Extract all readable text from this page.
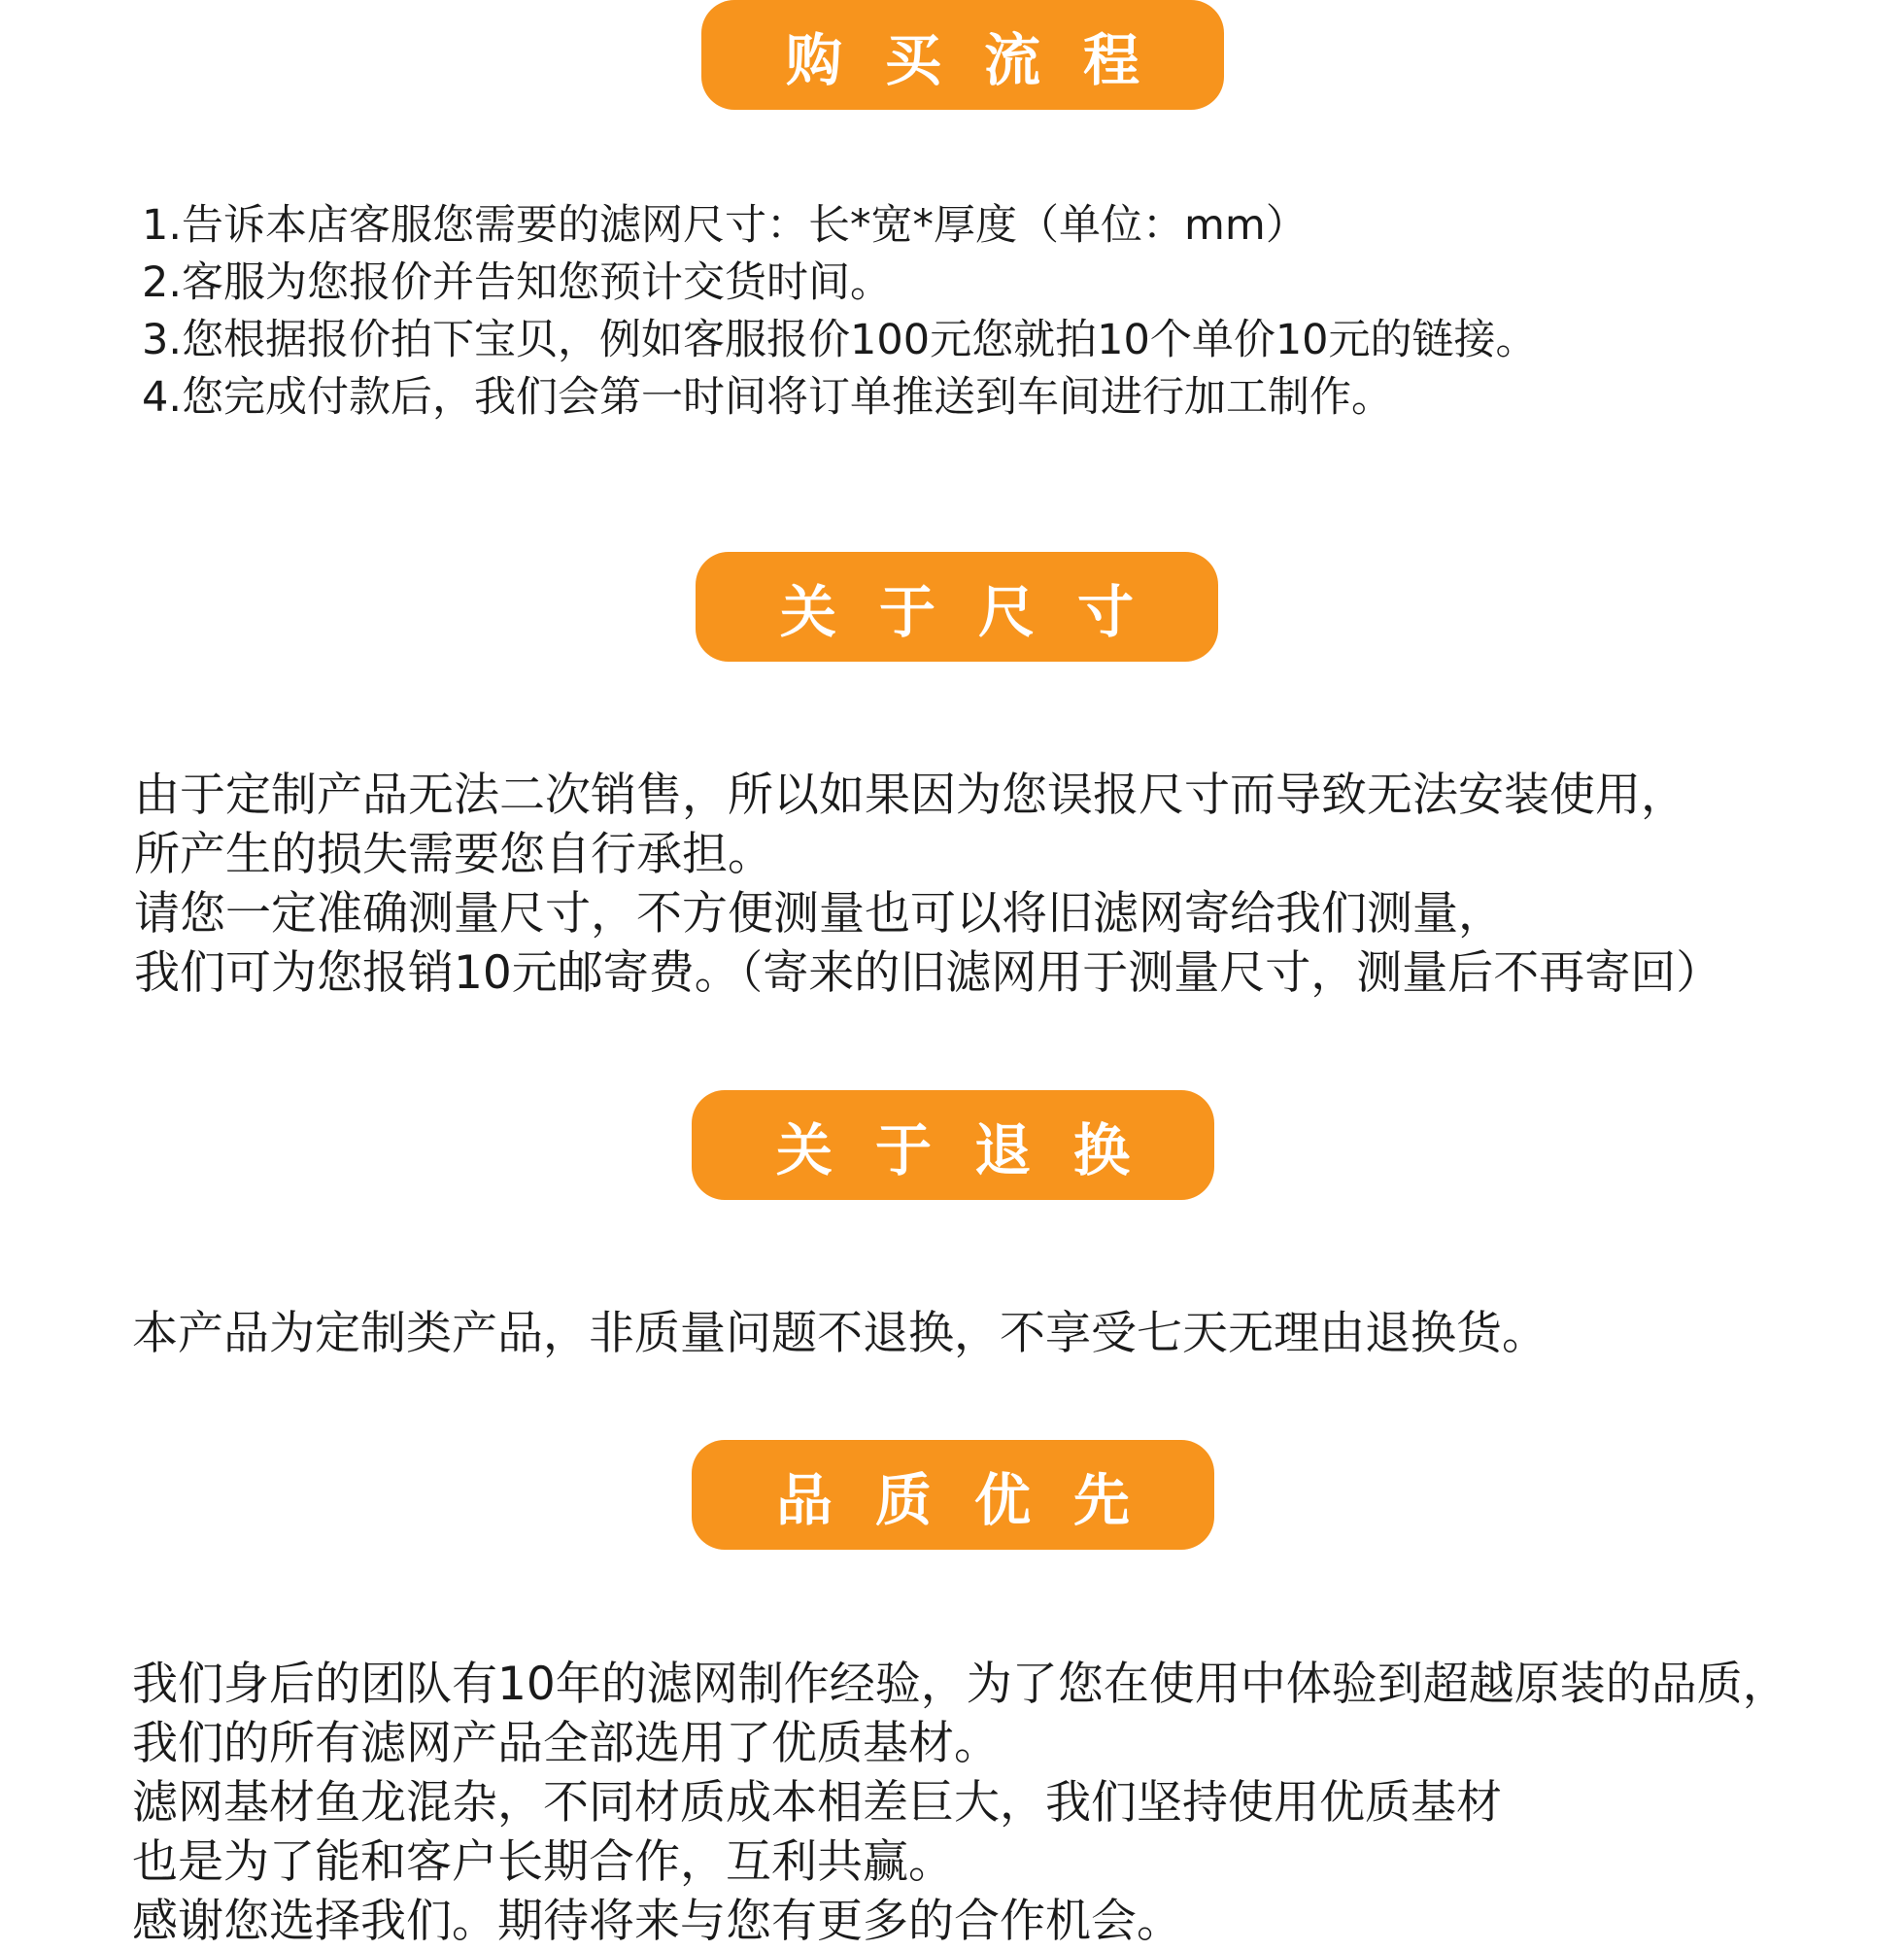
购买流程
1.告诉本店客服您需要的滤网尺寸：长*宽*厚度（单位：mm）
2.客服为您报价并告知您预计交货时间。
3.您根据报价拍下宝贝，例如客服报价100元您就拍10个单价10元的链接。
4.您完成付款后，我们会第一时间将订单推送到车间进行加工制作。
关于尺寸
由于定制产品无法二次销售，所以如果因为您误报尺寸而导致无法安装使用，
所产生的损失需要您自行承担。
请您一定准确测量尺寸，不方便测量也可以将旧滤网寄给我们测量，
我们可为您报销10元邮寄费。（寄来的旧滤网用于测量尺寸，测量后不再寄回）
关于退换
本产品为定制类产品，非质量问题不退换，不享受七天无理由退换货。
品质优先
我们身后的团队有10年的滤网制作经验，为了您在使用中体验到超越原装的品质，
我们的所有滤网产品全部选用了优质基材。
滤网基材鱼龙混杂，不同材质成本相差巨大，我们坚持使用优质基材
也是为了能和客户长期合作，互利共赢。
感谢您选择我们。期待将来与您有更多的合作机会。
